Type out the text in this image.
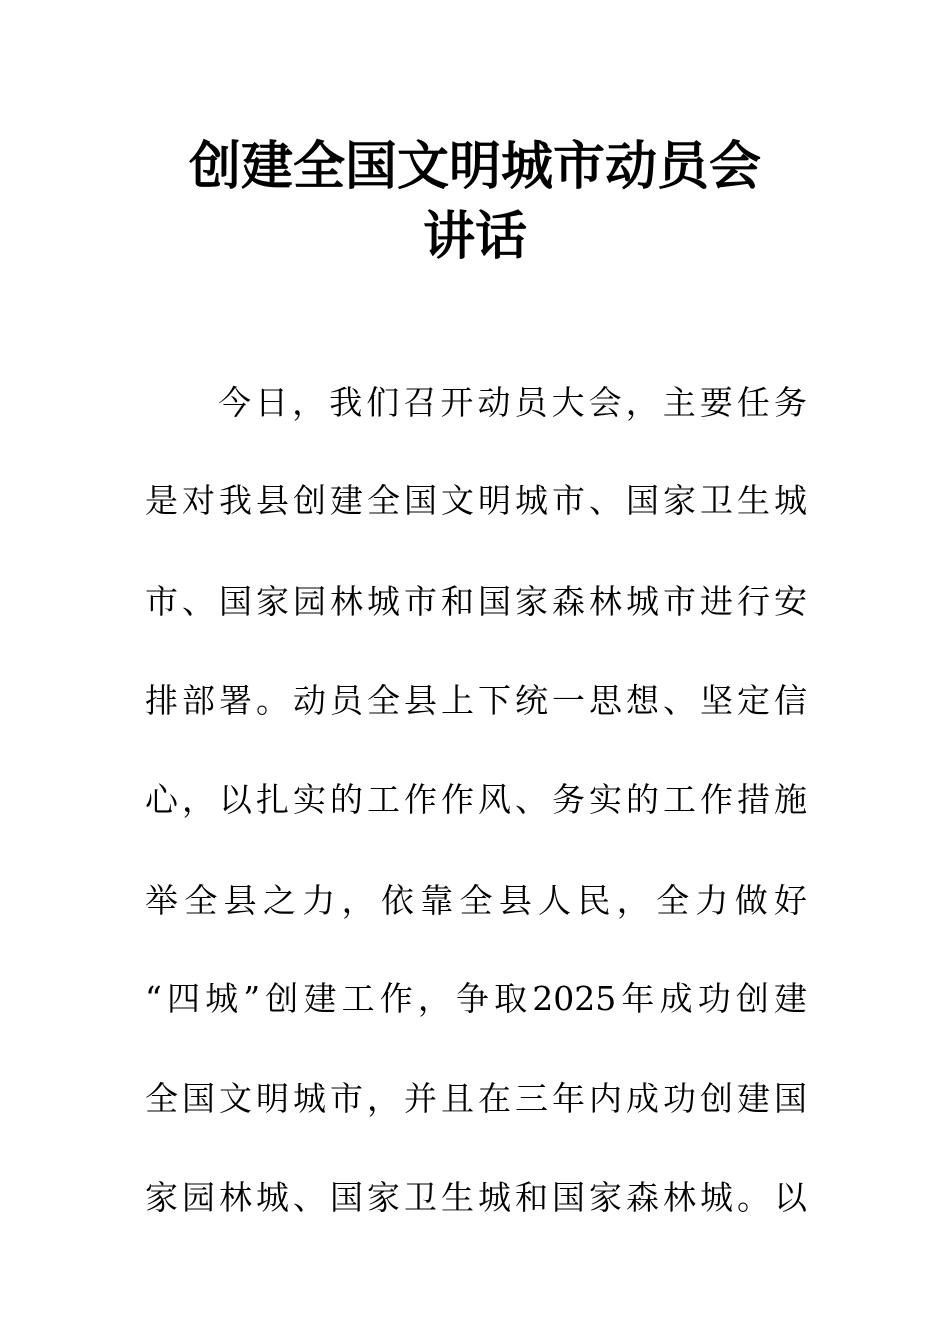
创建全国文明城市动员会
讲话
今日，我们召开动员大会，主要任务
是对我县创建全国文明城市、国家卫生城
市、国家园林城市和国家森林城市进行安
排部署。动员全县上下统一思想、坚定信
心，以扎实的工作作风、务实的工作措施
举全县之力，依靠全县人民，全力做好
“四城”创建工作，争取2025年成功创建
全国文明城市，并且在三年内成功创建国
家园林城、国家卫生城和国家森林城。以
